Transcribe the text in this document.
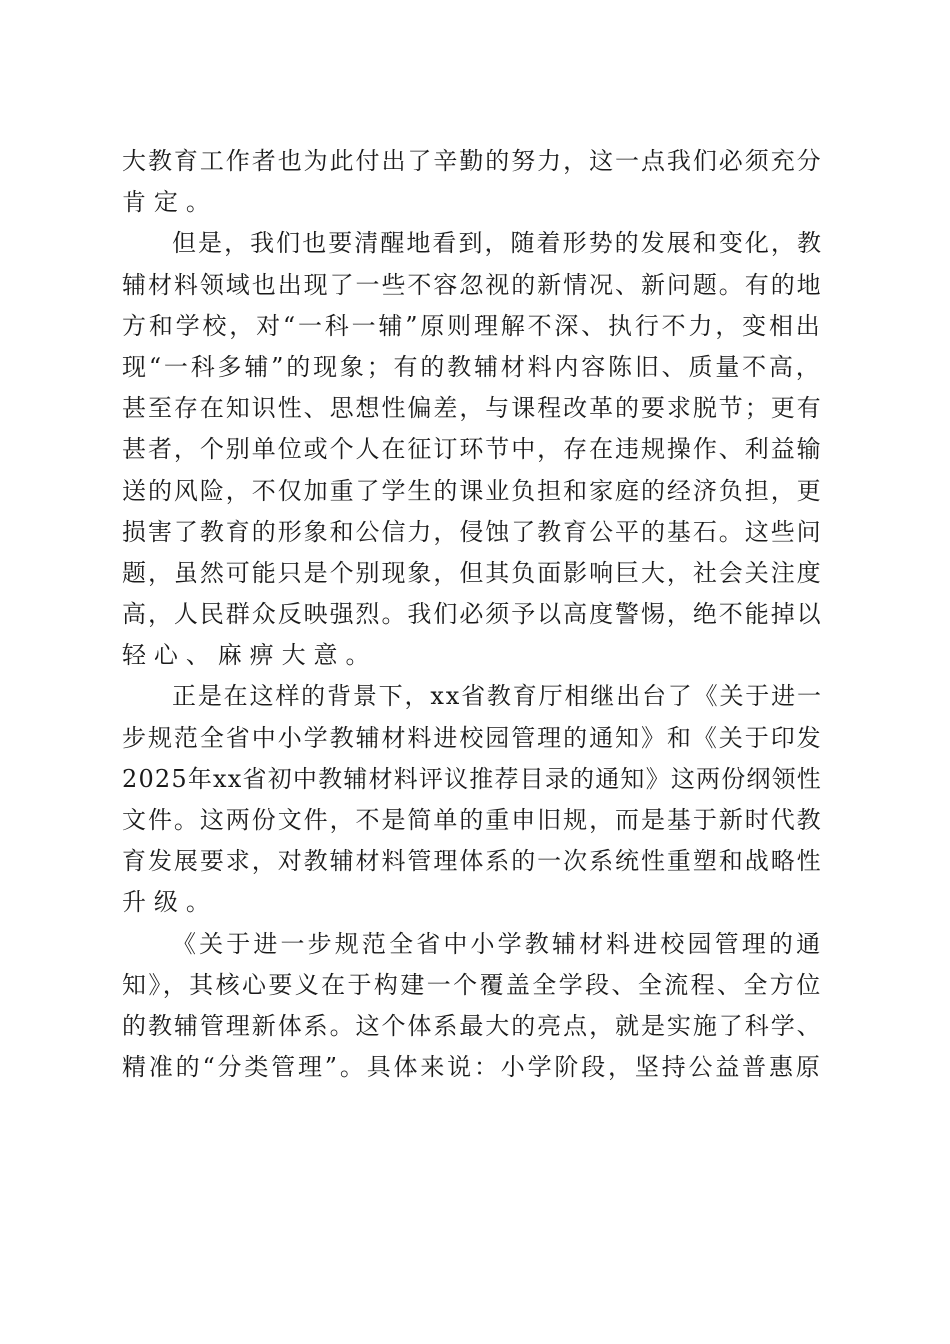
大教育工作者也为此付出了辛勤的努力，这一点我们必须充分
肯定。
但是，我们也要清醒地看到，随着形势的发展和变化，教
辅材料领域也出现了一些不容忽视的新情况、新问题。有的地
方和学校，对“一科一辅”原则理解不深、执行不力，变相出
现“一科多辅”的现象；有的教辅材料内容陈旧、质量不高，
甚至存在知识性、思想性偏差，与课程改革的要求脱节；更有
甚者，个别单位或个人在征订环节中，存在违规操作、利益输
送的风险，不仅加重了学生的课业负担和家庭的经济负担，更
损害了教育的形象和公信力，侵蚀了教育公平的基石。这些问
题，虽然可能只是个别现象，但其负面影响巨大，社会关注度
高，人民群众反映强烈。我们必须予以高度警惕，绝不能掉以
轻心、麻痹大意。
正是在这样的背景下，xx省教育厅相继出台了《关于进一
步规范全省中小学教辅材料进校园管理的通知》和《关于印发
2025年xx省初中教辅材料评议推荐目录的通知》这两份纲领性
文件。这两份文件，不是简单的重申旧规，而是基于新时代教
育发展要求，对教辅材料管理体系的一次系统性重塑和战略性
升级。
《关于进一步规范全省中小学教辅材料进校园管理的通
知》，其核心要义在于构建一个覆盖全学段、全流程、全方位
的教辅管理新体系。这个体系最大的亮点，就是实施了科学、
精准的“分类管理”。具体来说：小学阶段，坚持公益普惠原
